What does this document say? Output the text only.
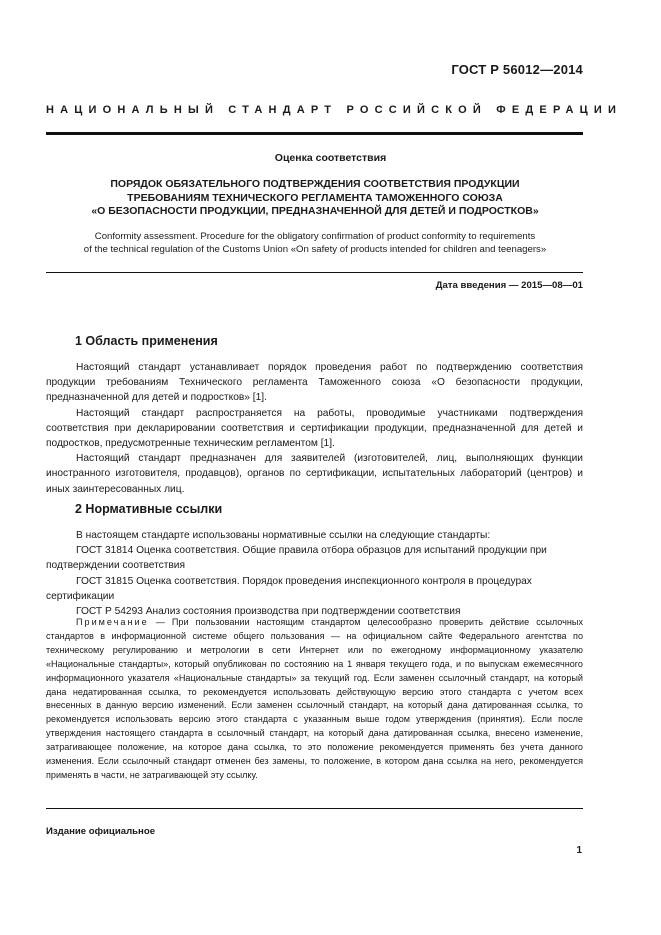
ГОСТ Р 56012—2014
НАЦИОНАЛЬНЫЙ СТАНДАРТ РОССИЙСКОЙ ФЕДЕРАЦИИ
Оценка соответствия
ПОРЯДОК ОБЯЗАТЕЛЬНОГО ПОДТВЕРЖДЕНИЯ СООТВЕТСТВИЯ ПРОДУКЦИИ
ТРЕБОВАНИЯМ ТЕХНИЧЕСКОГО РЕГЛАМЕНТА ТАМОЖЕННОГО СОЮЗА
«О БЕЗОПАСНОСТИ ПРОДУКЦИИ, ПРЕДНАЗНАЧЕННОЙ ДЛЯ ДЕТЕЙ И ПОДРОСТКОВ»
Conformity assessment. Procedure for the obligatory confirmation of product conformity to requirements
of the technical regulation of the Customs Union «On safety of products intended for children and teenagers»
Дата введения — 2015—08—01
1 Область применения

Настоящий стандарт устанавливает порядок проведения работ по подтверждению соответствия продукции требованиям Технического регламента Таможенного союза «О безопасности продукции, предназначенной для детей и подростков» [1].

Настоящий стандарт распространяется на работы, проводимые участниками подтверждения соответствия при декларировании соответствия и сертификации продукции, предназначенной для детей и подростков, предусмотренные техническим регламентом [1].

Настоящий стандарт предназначен для заявителей (изготовителей, лиц, выполняющих функции иностранного изготовителя, продавцов), органов по сертификации, испытательных лабораторий (центров) и иных заинтересованных лиц.

2 Нормативные ссылки

В настоящем стандарте использованы нормативные ссылки на следующие стандарты:

ГОСТ 31814 Оценка соответствия. Общие правила отбора образцов для испытаний продукции при подтверждении соответствия

ГОСТ 31815 Оценка соответствия. Порядок проведения инспекционного контроля в процедурах сертификации

ГОСТ Р 54293 Анализ состояния производства при подтверждении соответствия

Примечание — При пользовании настоящим стандартом целесообразно проверить действие ссылочных стандартов в информационной системе общего пользования — на официальном сайте Федерального агентства по техническому регулированию и метрологии в сети Интернет или по ежегодному информационному указателю «Национальные стандарты», который опубликован по состоянию на 1 января текущего года, и по выпускам ежемесячного информационного указателя «Национальные стандарты» за текущий год. Если заменен ссылочный стандарт, на который дана недатированная ссылка, то рекомендуется использовать действующую версию этого стандарта с учетом всех внесенных в данную версию изменений. Если заменен ссылочный стандарт, на который дана датированная ссылка, то рекомендуется использовать версию этого стандарта с указанным выше годом утверждения (принятия). Если после утверждения настоящего стандарта в ссылочный стандарт, на который дана датированная ссылка, внесено изменение, затрагивающее положение, на которое дана ссылка, то это положение рекомендуется применять без учета данного изменения. Если ссылочный стандарт отменен без замены, то положение, в котором дана ссылка на него, рекомендуется применять в части, не затрагивающей эту ссылку.
Издание официальное
1
